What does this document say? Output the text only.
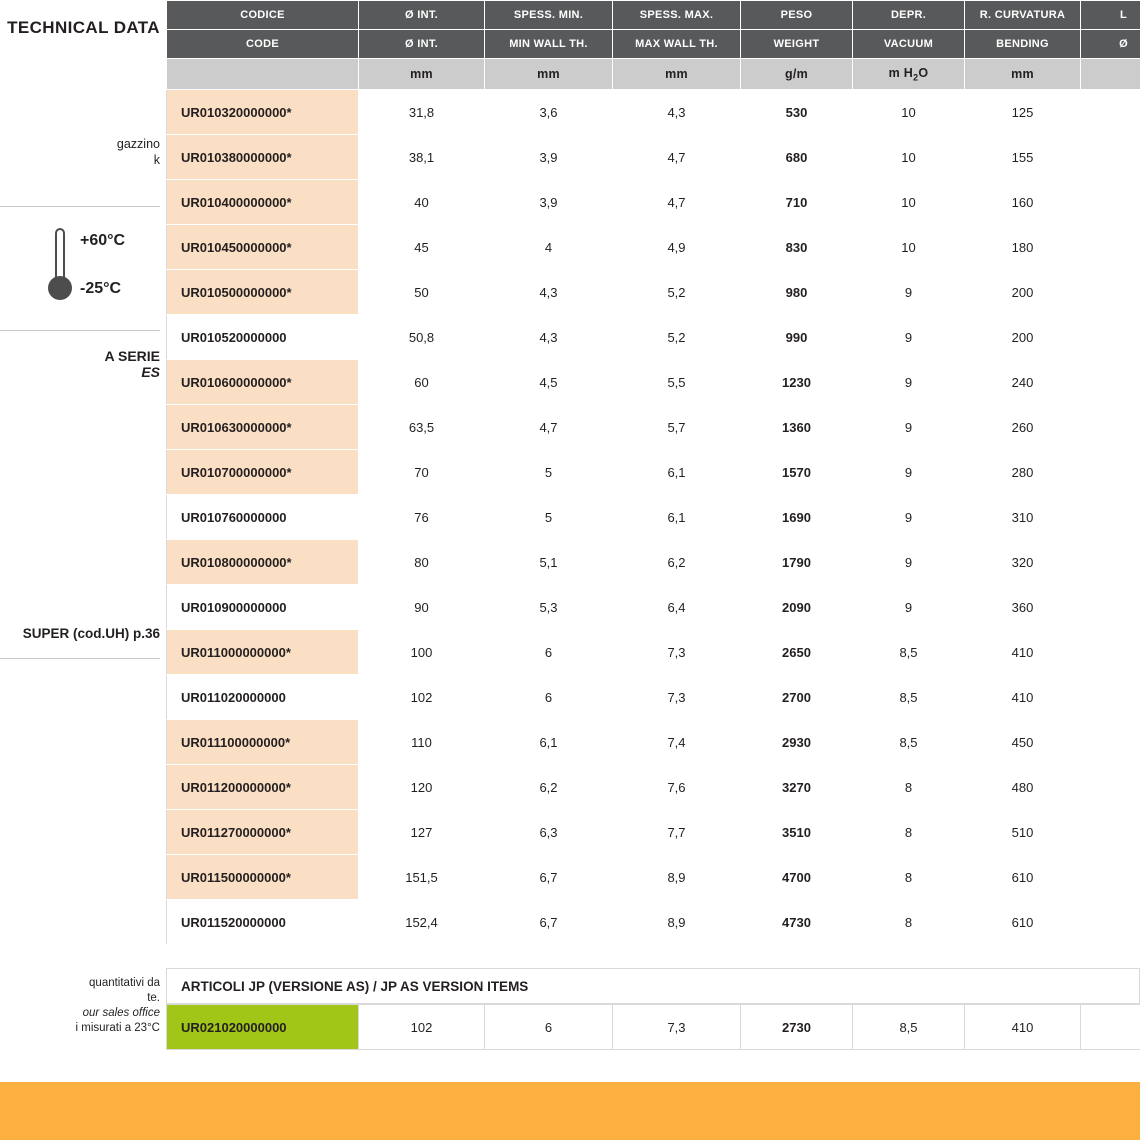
TECHNICAL DATA
gazzino
k
+60°C
-25°C
A SERIE
ES
SUPER (cod.UH) p.36
quantitativi da
te.
our sales office
i misurati a 23°C
CODICE	Ø INT.	SPESS. MIN.	SPESS. MAX.	PESO	DEPR.	R. CURVATURA	L
CODE	Ø INT.	MIN WALL TH.	MAX WALL TH.	WEIGHT	VACUUM	BENDING	Ø
	mm	mm	mm	g/m	m $H_2O$	mm	
UR010320000000*	31,8	3,6	4,3	530	10	125	
UR010380000000*	38,1	3,9	4,7	680	10	155	
UR010400000000*	40	3,9	4,7	710	10	160	
UR010450000000*	45	4	4,9	830	10	180	
UR010500000000*	50	4,3	5,2	980	9	200	
UR010520000000	50,8	4,3	5,2	990	9	200	
UR010600000000*	60	4,5	5,5	1230	9	240	
UR010630000000*	63,5	4,7	5,7	1360	9	260	
UR010700000000*	70	5	6,1	1570	9	280	
UR010760000000	76	5	6,1	1690	9	310	
UR010800000000*	80	5,1	6,2	1790	9	320	
UR010900000000	90	5,3	6,4	2090	9	360	
UR011000000000*	100	6	7,3	2650	8,5	410	
UR011020000000	102	6	7,3	2700	8,5	410	
UR011100000000*	110	6,1	7,4	2930	8,5	450	
UR011200000000*	120	6,2	7,6	3270	8	480	
UR011270000000*	127	6,3	7,7	3510	8	510	
UR011500000000*	151,5	6,7	8,9	4700	8	610	
UR011520000000	152,4	6,7	8,9	4730	8	610	
ARTICOLI JP (VERSIONE AS) / JP AS VERSION ITEMS
UR021020000000	102	6	7,3	2730	8,5	410	
